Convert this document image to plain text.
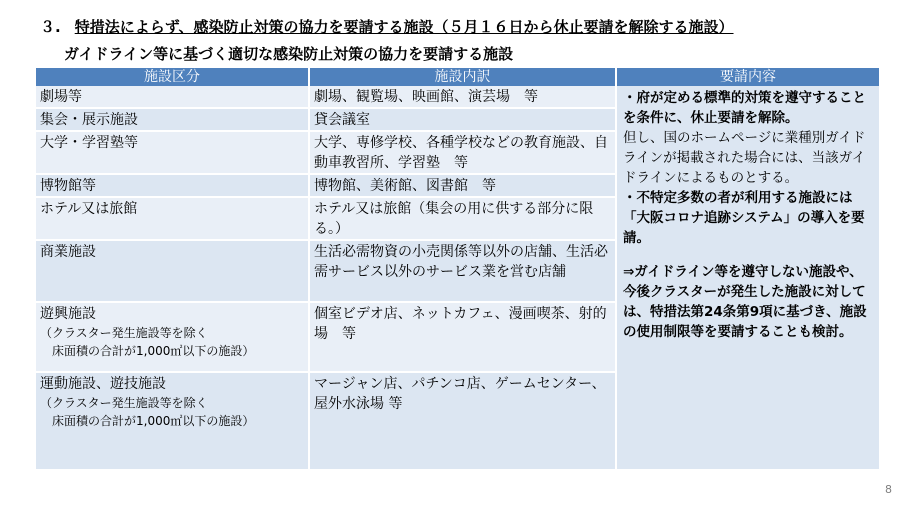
３. 特措法によらず、感染防止対策の協力を要請する施設（５月１６日から休止要請を解除する施設）
ガイドライン等に基づく適切な感染防止対策の協力を要請する施設
施設区分	施設内訳	要請内容
劇場等	劇場、観覧場、映画館、演芸場　等	・府が定める標準的対策を遵守することを条件に、休止要請を解除。
但し、国のホームページに業種別ガイドラインが掲載された場合には、当該ガイドラインによるものとする。
・不特定多数の者が利用する施設には「大阪コロナ追跡システム」の導入を要請。
⇒ガイドライン等を遵守しない施設や、今後クラスターが発生した施設に対しては、特措法第24条第9項に基づき、施設の使用制限等を要請することも検討。

集会・展示施設	貸会議室	
大学・学習塾等	大学、専修学校、各種学校などの教育施設、自動車教習所、学習塾　等	
博物館等	博物館、美術館、図書館　等	
ホテル又は旅館	ホテル又は旅館（集会の用に供する部分に限る。）	
商業施設	生活必需物資の小売関係等以外の店舗、生活必需サービス以外のサービス業を営む店舗	

遊興施設
（クラスター発生施設等を除く
　床面積の合計が1,000㎡以下の施設）	個室ビデオ店、ネットカフェ、漫画喫茶、射的場　等	

運動施設、遊技施設
（クラスター発生施設等を除く
　床面積の合計が1,000㎡以下の施設）	マージャン店、パチンコ店、ゲームセンター、屋外水泳場 等	
8
